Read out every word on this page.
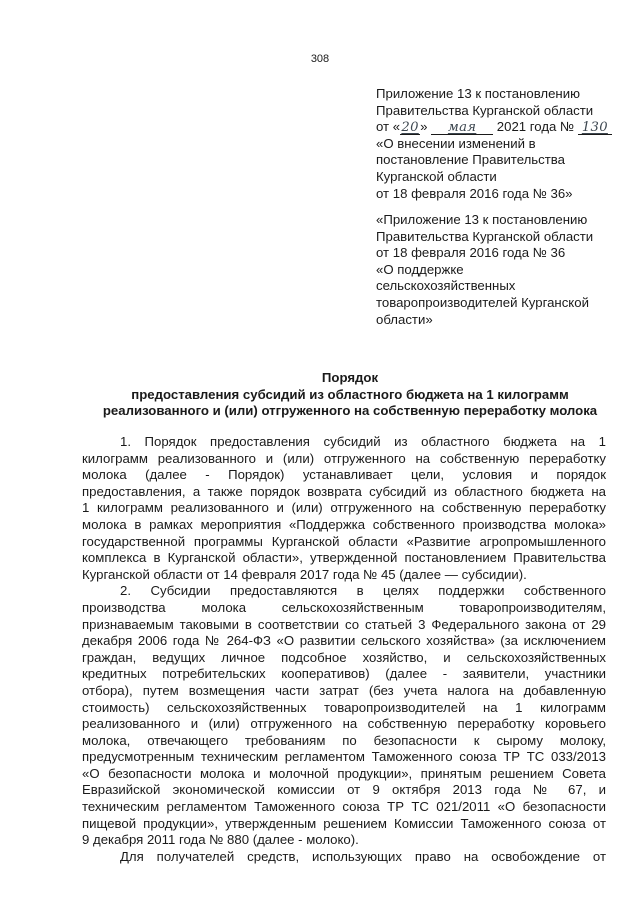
308
Приложение 13 к постановлению
Правительства Курганской области
от «20» мая 2021 года № 130
«О внесении изменений в
постановление Правительства
Курганской области
от 18 февраля 2016 года № 36»
«Приложение 13 к постановлению
Правительства Курганской области
от 18 февраля 2016 года № 36
«О поддержке
сельскохозяйственных
товаропроизводителей Курганской
области»
Порядок
предоставления субсидий из областного бюджета на 1 килограмм
реализованного и (или) отгруженного на собственную переработку молока
1. Порядок предоставления субсидий из областного бюджета на 1
килограмм реализованного и (или) отгруженного на собственную переработку
молока (далее - Порядок) устанавливает цели, условия и порядок
предоставления, а также порядок возврата субсидий из областного бюджета на
1 килограмм реализованного и (или) отгруженного на собственную переработку
молока в рамках мероприятия «Поддержка собственного производства молока»
государственной программы Курганской области «Развитие агропромышленного
комплекса в Курганской области», утвержденной постановлением Правительства
Курганской области от 14 февраля 2017 года № 45 (далее — субсидии).
2. Субсидии предоставляются в целях поддержки собственного
производства молока сельскохозяйственным товаропроизводителям,
признаваемым таковыми в соответствии со статьей 3 Федерального закона от 29
декабря 2006 года № 264-ФЗ «О развитии сельского хозяйства» (за исключением
граждан, ведущих личное подсобное хозяйство, и сельскохозяйственных
кредитных потребительских кооперативов) (далее - заявители, участники
отбора), путем возмещения части затрат (без учета налога на добавленную
стоимость) сельскохозяйственных товаропроизводителей на 1 килограмм
реализованного и (или) отгруженного на собственную переработку коровьего
молока, отвечающего требованиям по безопасности к сырому молоку,
предусмотренным техническим регламентом Таможенного союза ТР ТС 033/2013
«О безопасности молока и молочной продукции», принятым решением Совета
Евразийской экономической комиссии от 9 октября 2013 года № 67, и
техническим регламентом Таможенного союза ТР ТС 021/2011 «О безопасности
пищевой продукции», утвержденным решением Комиссии Таможенного союза от
9 декабря 2011 года № 880 (далее - молоко).
Для получателей средств, использующих право на освобождение от
